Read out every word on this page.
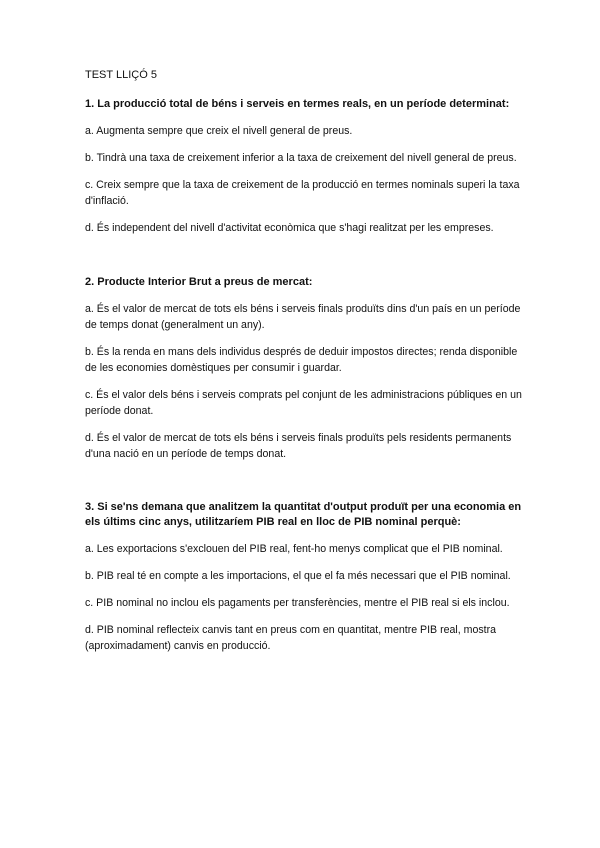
TEST LLIÇÓ 5

1. La producció total de béns i serveis en termes reals, en un període determinat:

a. Augmenta sempre que creix el nivell general de preus.

b. Tindrà una taxa de creixement inferior a la taxa de creixement del nivell general de preus.

c. Creix sempre que la taxa de creixement de la producció en termes nominals superi la taxa d'inflació.

d. És independent del nivell d'activitat econòmica que s'hagi realitzat per les empreses.

2. Producte Interior Brut a preus de mercat:

a. És el valor de mercat de tots els béns i serveis finals produïts dins d'un país en un període de temps donat (generalment un any).

b. És la renda en mans dels individus després de deduir impostos directes; renda disponible de les economies domèstiques per consumir i guardar.

c. És el valor dels béns i serveis comprats pel conjunt de les administracions públiques en un període donat.

d. És el valor de mercat de tots els béns i serveis finals produïts pels residents permanents d'una nació en un període de temps donat.

3. Si se'ns demana que analitzem la quantitat d'output produït per una economia en els últims cinc anys, utilitzaríem PIB real en lloc de PIB nominal perquè:

a. Les exportacions s'exclouen del PIB real, fent-ho menys complicat que el PIB nominal.

b. PIB real té en compte a les importacions, el que el fa més necessari que el PIB nominal.

c. PIB nominal no inclou els pagaments per transferències, mentre el PIB real si els inclou.

d. PIB nominal reflecteix canvis tant en preus com en quantitat, mentre PIB real, mostra (aproximadament) canvis en producció.
